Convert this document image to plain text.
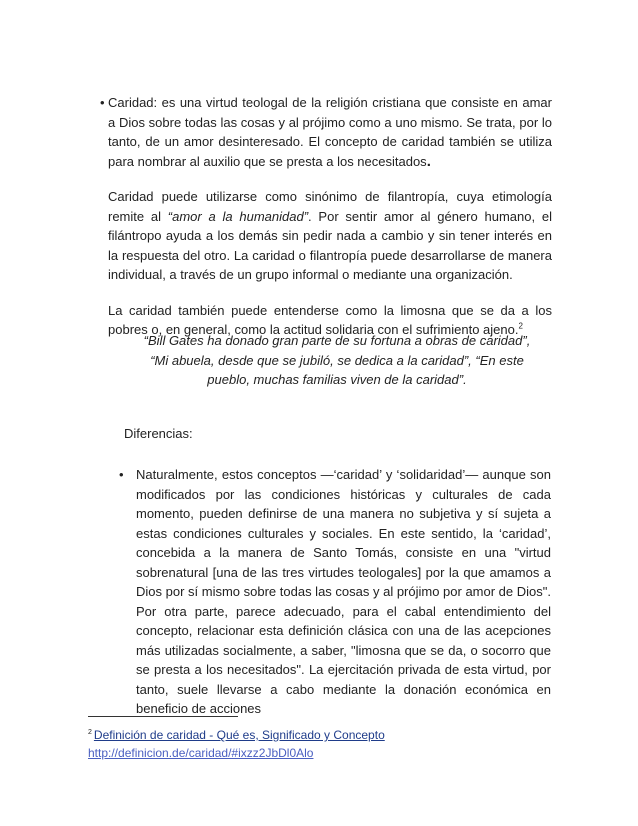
• Caridad: es una virtud teologal de la religión cristiana que consiste en amar a Dios sobre todas las cosas y al prójimo como a uno mismo. Se trata, por lo tanto, de un amor desinteresado. El concepto de caridad también se utiliza para nombrar al auxilio que se presta a los necesitados.

Caridad puede utilizarse como sinónimo de filantropía, cuya etimología remite al “amor a la humanidad”. Por sentir amor al género humano, el filántropo ayuda a los demás sin pedir nada a cambio y sin tener interés en la respuesta del otro. La caridad o filantropía puede desarrollarse de manera individual, a través de un grupo informal o mediante una organización.

La caridad también puede entenderse como la limosna que se da a los pobres o, en general, como la actitud solidaria con el sufrimiento ajeno.$^2$

“Bill Gates ha donado gran parte de su fortuna a obras de caridad”, “Mi abuela, desde que se jubiló, se dedica a la caridad”, “En este pueblo, muchas familias viven de la caridad”.
Diferencias:
• Naturalmente, estos conceptos —‘caridad’ y ‘solidaridad’— aunque son modificados por las condiciones históricas y culturales de cada momento, pueden definirse de una manera no subjetiva y sí sujeta a estas condiciones culturales y sociales. En este sentido, la ‘caridad’, concebida a la manera de Santo Tomás, consiste en una "virtud sobrenatural [una de las tres virtudes teologales] por la que amamos a Dios por sí mismo sobre todas las cosas y al prójimo por amor de Dios". Por otra parte, parece adecuado, para el cabal entendimiento del concepto, relacionar esta definición clásica con una de las acepciones más utilizadas socialmente, a saber, "limosna que se da, o socorro que se presta a los necesitados". La ejercitación privada de esta virtud, por tanto, suele llevarse a cabo mediante la donación económica en beneficio de acciones

$^2$ Definición de caridad - Qué es, Significado y Concepto http://definicion.de/caridad/#ixzz2JbDl0Alo
